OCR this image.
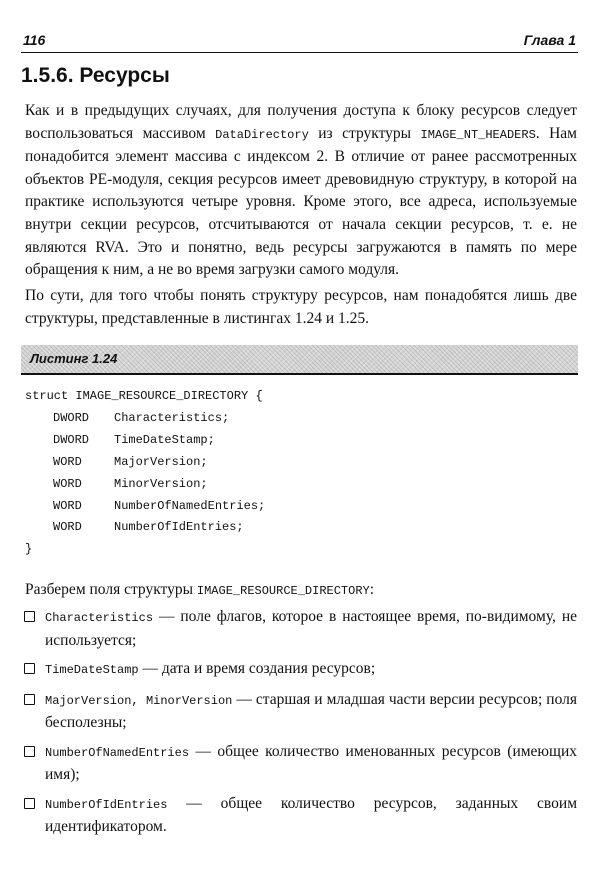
116	Глава 1
1.5.6. Ресурсы
Как и в предыдущих случаях, для получения доступа к блоку ресурсов следует воспользоваться массивом DataDirectory из структуры IMAGE_NT_HEADERS. Нам понадобится элемент массива с индексом 2. В отличие от ранее рассмотренных объектов PE-модуля, секция ресурсов имеет древовидную структуру, в которой на практике используются четыре уровня. Кроме этого, все адреса, используемые внутри секции ресурсов, отсчитываются от начала секции ресурсов, т. е. не являются RVA. Это и понятно, ведь ресурсы загружаются в память по мере обращения к ним, а не во время загрузки самого модуля.
По сути, для того чтобы понять структуру ресурсов, нам понадобятся лишь две структуры, представленные в листингах 1.24 и 1.25.
Листинг 1.24
struct IMAGE_RESOURCE_DIRECTORY {
DWORD Characteristics;
DWORD TimeDateStamp;
WORD	MajorVersion;
WORD	MinorVersion;
WORD	NumberOfNamedEntries;
WORD	NumberOfIdEntries;
}
Разберем поля структуры IMAGE_RESOURCE_DIRECTORY:
Characteristics — поле флагов, которое в настоящее время, по-видимому, не используется;
TimeDateStamp — дата и время создания ресурсов;
MajorVersion, MinorVersion — старшая и младшая части версии ресурсов; поля бесполезны;
NumberOfNamedEntries — общее количество именованных ресурсов (имеющих имя);
NumberOfIdEntries — общее количество ресурсов, заданных своим идентификатором.
